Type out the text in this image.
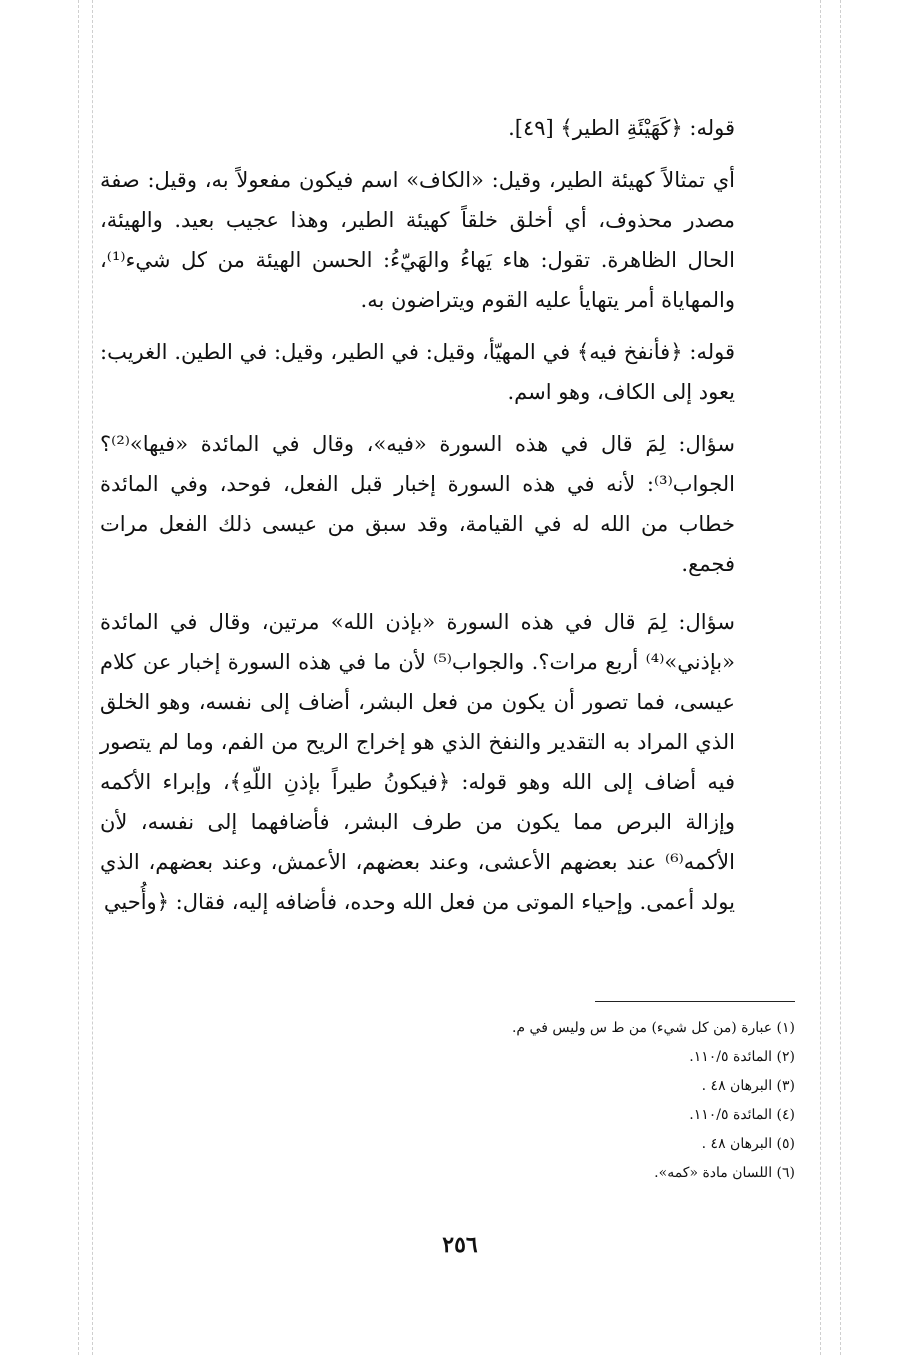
قوله: ﴿كَهَيْئَةِ الطير﴾ [٤٩].

أي تمثالاً كهيئة الطير، وقيل: «الكاف» اسم فيكون مفعولاً به، وقيل: صفة مصدر محذوف، أي أخلق خلقاً كهيئة الطير، وهذا عجيب بعيد. والهيئة، الحال الظاهرة. تقول: هاء يَهاءُ والهَيّءُ: الحسن الهيئة من كل شيء⁽¹⁾، والمهاياة أمر يتهايأ عليه القوم ويتراضون به.

قوله: ﴿فأنفخ فيه﴾ في المهيّأ، وقيل: في الطير، وقيل: في الطين. الغريب: يعود إلى الكاف، وهو اسم.

سؤال: لِمَ قال في هذه السورة «فيه»، وقال في المائدة «فيها»⁽²⁾؟ الجواب⁽³⁾: لأنه في هذه السورة إخبار قبل الفعل، فوحد، وفي المائدة خطاب من الله له في القيامة، وقد سبق من عيسى ذلك الفعل مرات فجمع.

سؤال: لِمَ قال في هذه السورة «بإذن الله» مرتين، وقال في المائدة «بإذني»⁽⁴⁾ أربع مرات؟. والجواب⁽⁵⁾ لأن ما في هذه السورة إخبار عن كلام عيسى، فما تصور أن يكون من فعل البشر، أضاف إلى نفسه، وهو الخلق الذي المراد به التقدير والنفخ الذي هو إخراج الريح من الفم، وما لم يتصور فيه أضاف إلى الله وهو قوله: ﴿فيكونُ طيراً بإذنِ اللّهِ﴾، وإبراء الأكمه وإزالة البرص مما يكون من طرف البشر، فأضافهما إلى نفسه، لأن الأكمه⁽⁶⁾ عند بعضهم الأعشى، وعند بعضهم، الأعمش، وعند بعضهم، الذي يولد أعمى. وإحياء الموتى من فعل الله وحده، فأضافه إليه، فقال: ﴿وأُحيي

(١) عبارة (من كل شيء) من ط س وليس في م.

(٢) المائدة ١١٠/٥.

(٣) البرهان ٤٨ .

(٤) المائدة ١١٠/٥.

(٥) البرهان ٤٨ .

(٦) اللسان مادة «كمه».

٢٥٦
